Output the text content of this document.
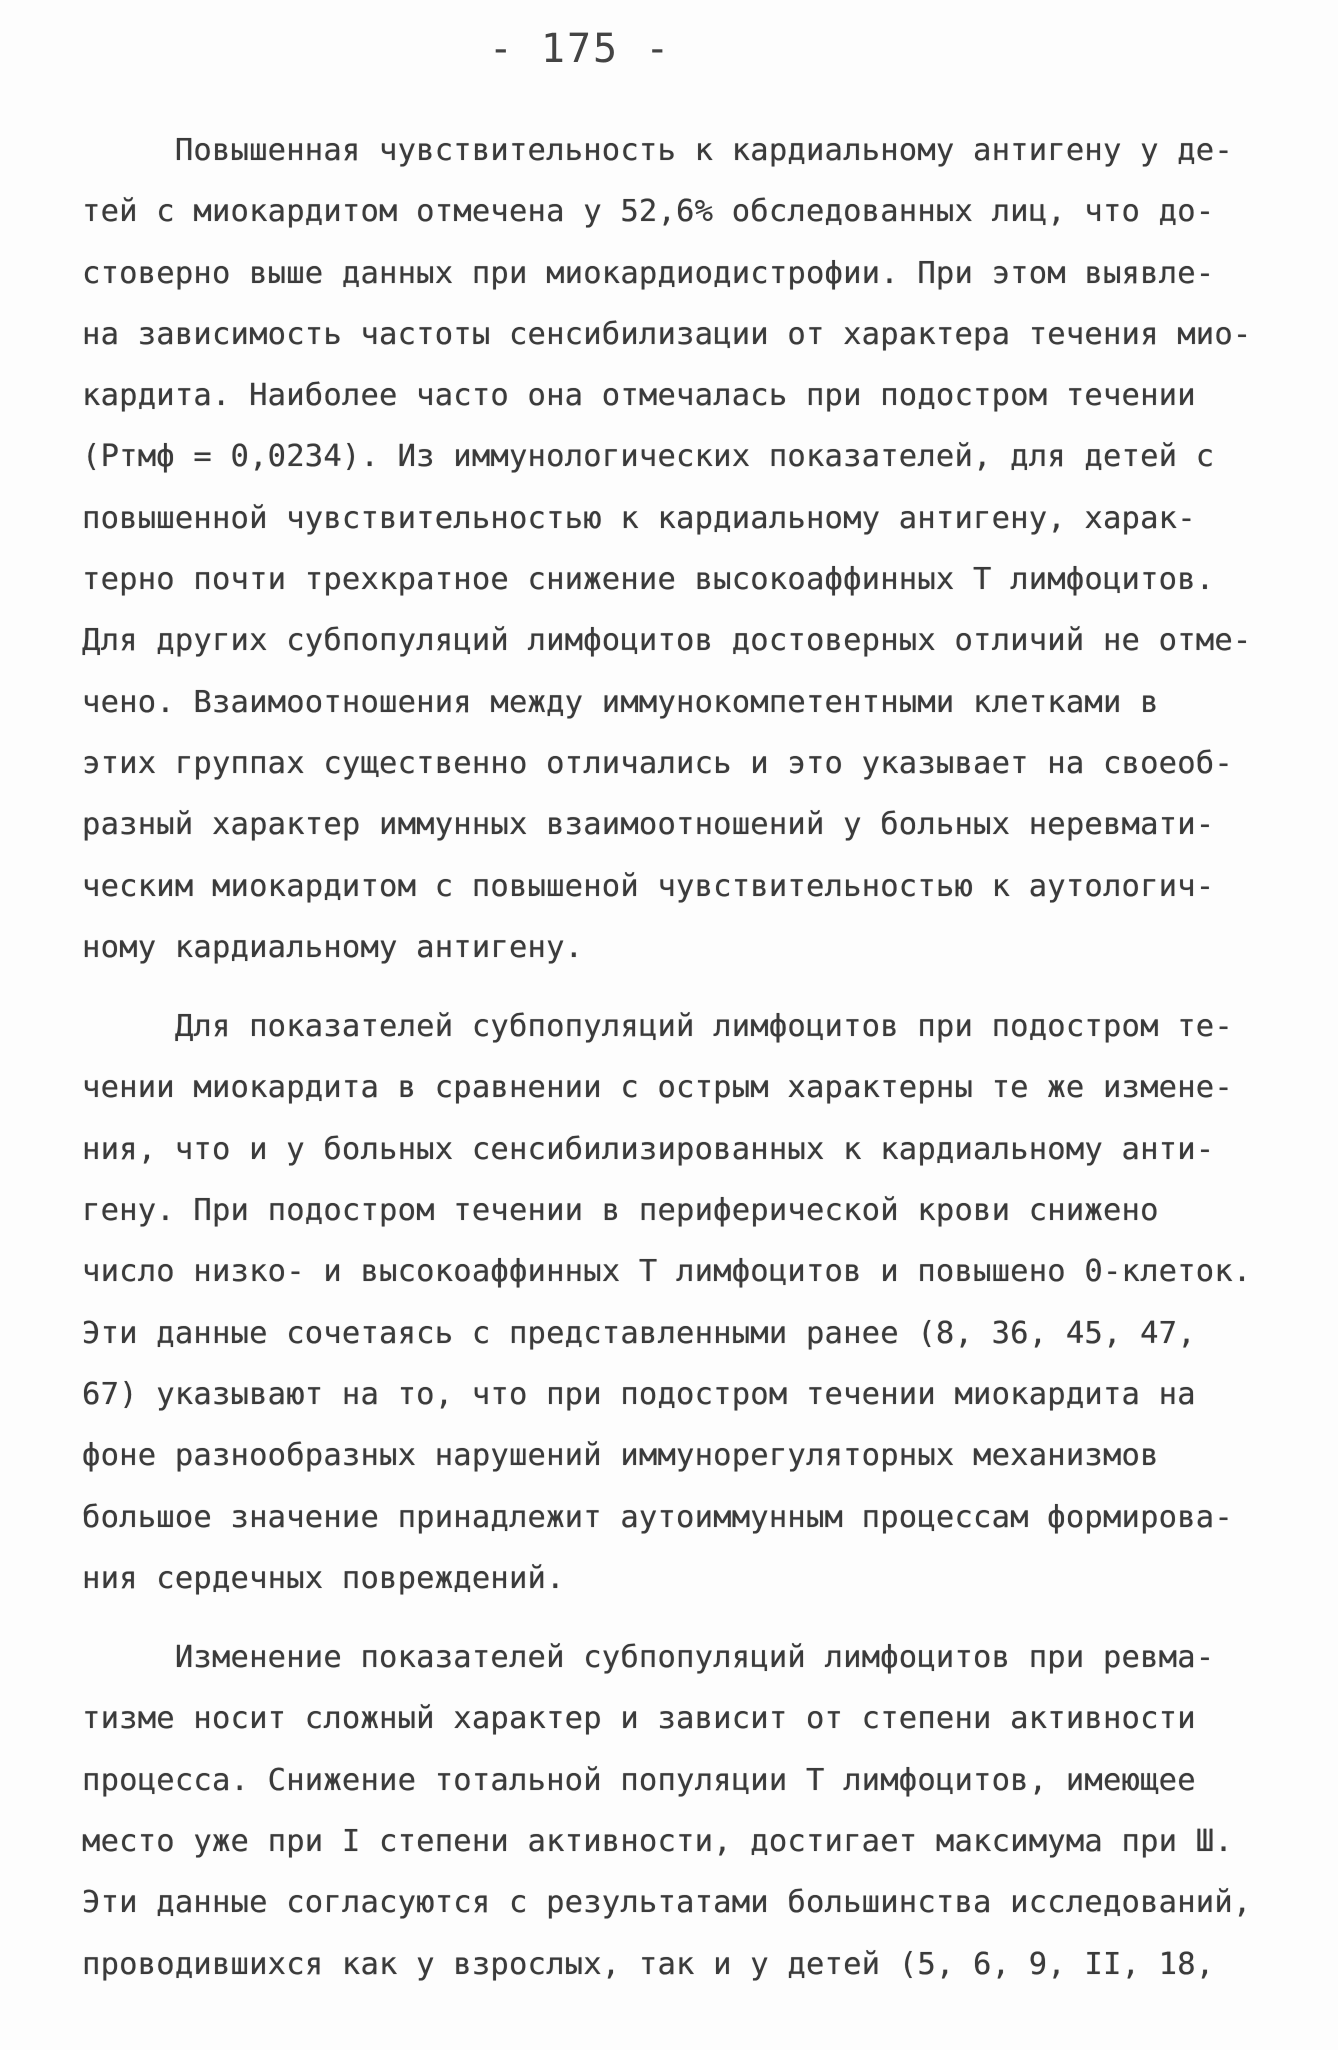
- 175 -
Повышенная чувствительность к кардиальному антигену у де-
тей с миокардитом отмечена у 52,6% обследованных лиц, что до-
стоверно выше данных при миокардиодистрофии. При этом выявле-
на зависимость частоты сенсибилизации от характера течения мио-
кардита. Наиболее часто она отмечалась при подостром течении
(Ртмф = 0,0234). Из иммунологических показателей, для детей с
повышенной чувствительностью к кардиальному антигену, харак-
терно почти трехкратное снижение высокоаффинных Т лимфоцитов.
Для других субпопуляций лимфоцитов достоверных отличий не отме-
чено. Взаимоотношения между иммунокомпетентными клетками в
этих группах существенно отличались и это указывает на своеоб-
разный характер иммунных взаимоотношений у больных неревмати-
ческим миокардитом с повышеной чувствительностью к аутологич-
ному кардиальному антигену.
Для показателей субпопуляций лимфоцитов при подостром те-
чении миокардита в сравнении с острым характерны те же измене-
ния, что и у больных сенсибилизированных к кардиальному анти-
гену. При подостром течении в периферической крови снижено
число низко- и высокоаффинных Т лимфоцитов и повышено 0-клеток.
Эти данные сочетаясь с представленными ранее (8, 36, 45, 47,
67) указывают на то, что при подостром течении миокардита на
фоне разнообразных нарушений иммунорегуляторных механизмов
большое значение принадлежит аутоиммунным процессам формирова-
ния сердечных повреждений.
Изменение показателей субпопуляций лимфоцитов при ревма-
тизме носит сложный характер и зависит от степени активности
процесса. Снижение тотальной популяции Т лимфоцитов, имеющее
место уже при I степени активности, достигает максимума при Ш.
Эти данные согласуются с результатами большинства исследований,
проводившихся как у взрослых, так и у детей (5, 6, 9, II, 18,
